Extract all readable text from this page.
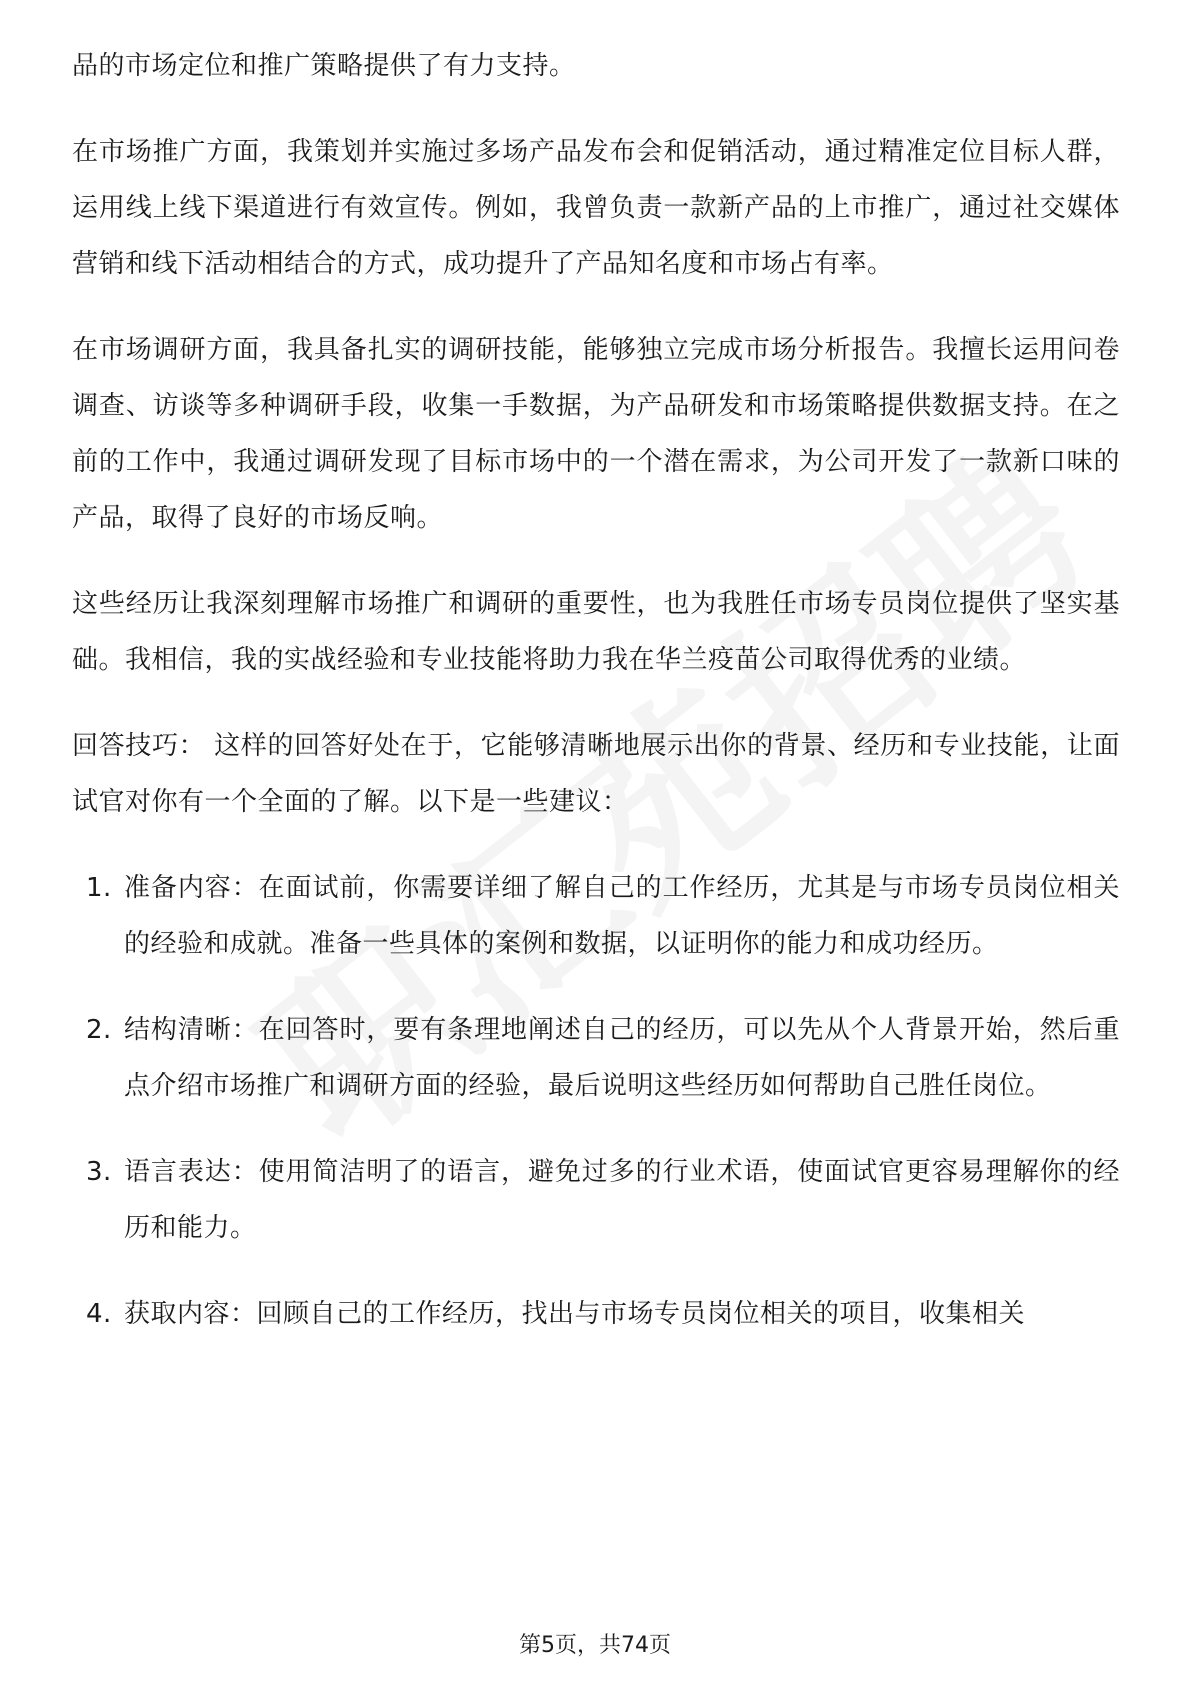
品的市场定位和推广策略提供了有力支持。

在市场推广方面，我策划并实施过多场产品发布会和促销活动，通过精准定位目标人群，运用线上线下渠道进行有效宣传。例如，我曾负责一款新产品的上市推广，通过社交媒体营销和线下活动相结合的方式，成功提升了产品知名度和市场占有率。

在市场调研方面，我具备扎实的调研技能，能够独立完成市场分析报告。我擅长运用问卷调查、访谈等多种调研手段，收集一手数据，为产品研发和市场策略提供数据支持。在之前的工作中，我通过调研发现了目标市场中的一个潜在需求，为公司开发了一款新口味的产品，取得了良好的市场反响。

这些经历让我深刻理解市场推广和调研的重要性，也为我胜任市场专员岗位提供了坚实基础。我相信，我的实战经验和专业技能将助力我在华兰疫苗公司取得优秀的业绩。

回答技巧： 这样的回答好处在于，它能够清晰地展示出你的背景、经历和专业技能，让面试官对你有一个全面的了解。以下是一些建议：

1. 准备内容：在面试前，你需要详细了解自己的工作经历，尤其是与市场专员岗位相关的经验和成就。准备一些具体的案例和数据，以证明你的能力和成功经历。
2. 结构清晰：在回答时，要有条理地阐述自己的经历，可以先从个人背景开始，然后重点介绍市场推广和调研方面的经验，最后说明这些经历如何帮助自己胜任岗位。
3. 语言表达：使用简洁明了的语言，避免过多的行业术语，使面试官更容易理解你的经历和能力。
4. 获取内容：回顾自己的工作经历，找出与市场专员岗位相关的项目，收集相关
第5页，共74页
